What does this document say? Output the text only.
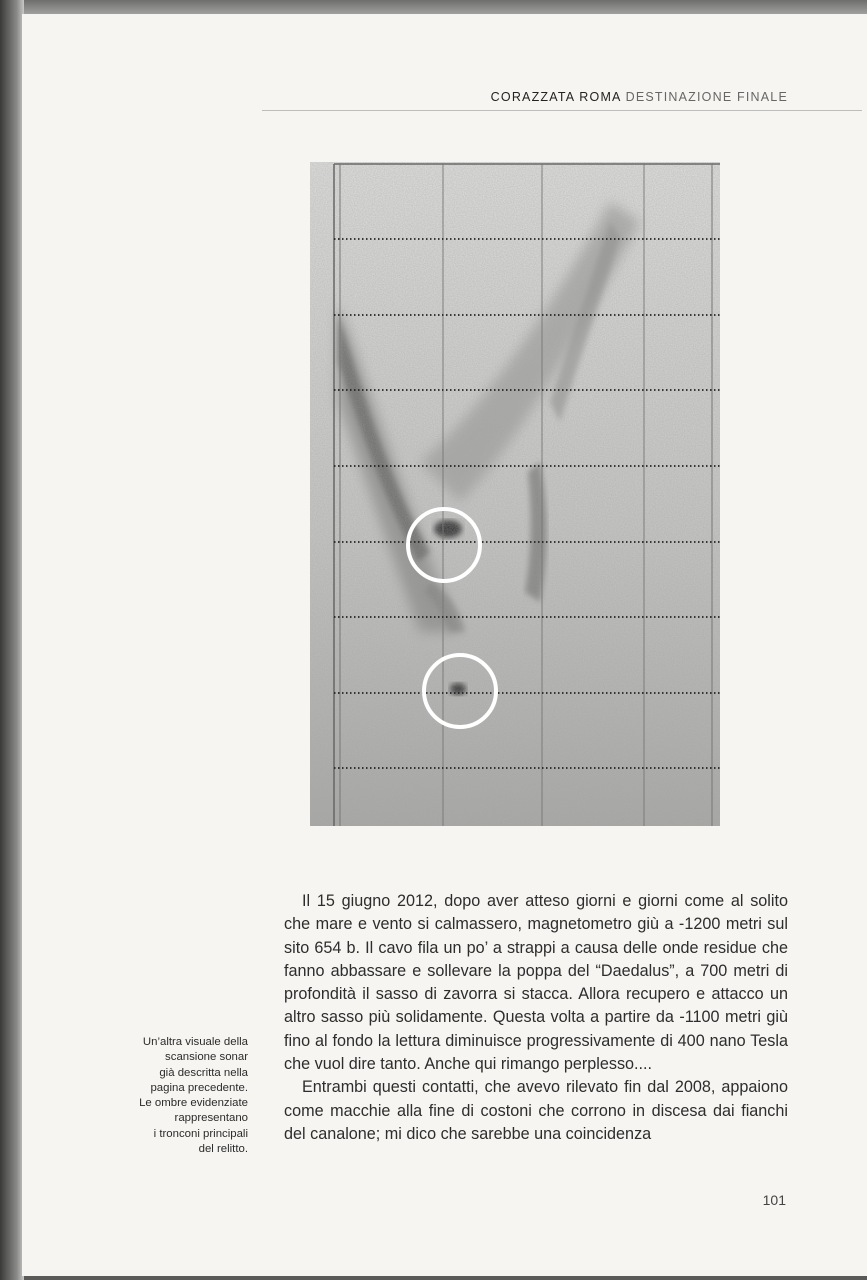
CORAZZATA ROMA DESTINAZIONE FINALE
Un’altra visuale della
scansione sonar
già descritta nella
pagina precedente.
Le ombre evidenziate
rappresentano
i tronconi principali
del relitto.

Il 15 giugno 2012, dopo aver atteso giorni e giorni come al solito che mare e vento si calmassero, magnetometro giù a -1200 metri sul sito 654 b. Il cavo fila un po’ a strappi a causa delle onde residue che fanno abbassare e sollevare la poppa del “Daedalus”, a 700 metri di profondità il sasso di zavorra si stacca. Allora recupero e attacco un altro sasso più solidamente. Questa volta a partire da -1100 metri giù fino al fondo la lettura diminuisce progressivamente di 400 nano Tesla che vuol dire tanto. Anche qui rimango perplesso....

Entrambi questi contatti, che avevo rilevato fin dal 2008, appaiono come macchie alla fine di costoni che corrono in discesa dai fianchi del canalone; mi dico che sarebbe una coincidenza

101
